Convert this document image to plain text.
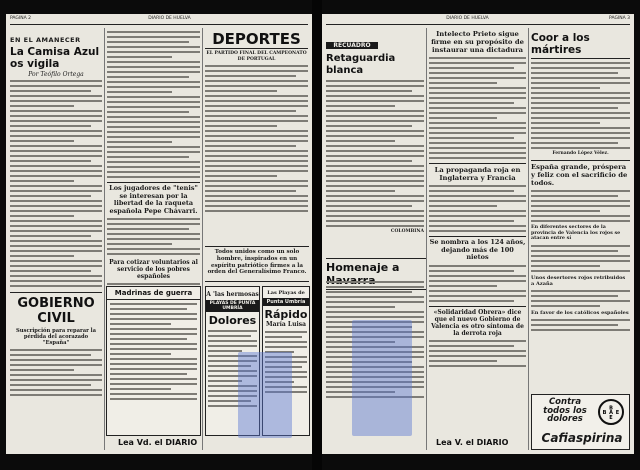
PAGINA 2	DIARIO DE HUELVA
EN EL AMANECER
La Camisa Azul os vigila
Por Teófilo Ortega
GOBIERNO CIVIL
Suscripción para reparar la pérdida del acorazado "España"
Los jugadores de "tenis" se interesan por la libertad de la raqueta española Pepe Chávarri.
Para cotizar voluntarios al servicio de los pobres españoles
Madrinas de guerra
Lea Vd. el DIARIO
DEPORTES
EL PARTIDO FINAL DEL CAMPEONATO DE PORTUGAL
Todos unidos como un solo hombre, inspirados en un espíritu patriótico firmes a la orden del Generalísimo Franco.
A 'las hermosas
PLAYAS DE PUNTA UMBRÍA
Dolores
Las Playas de
Punta Umbría
Rápido
María Luisa
DIARIO DE HUELVA	PAGINA 3
RECUADRO
Retaguardia blanca
COLOMBINA
Homenaje a
Intelecto Prieto sigue firme en su propósito de instaurar una dictadura
La propaganda roja en Inglaterra y Francia
Se nombra a los 124 años, dejando más de 100 nietos
«Solidaridad Obrera» dice que el nuevo Gobierno de Valencia es otro síntoma de la derrota roja
Lea V. el DIARIO
Coor a los mártires
Fernando López Vélez.
España grande, próspera y feliz con el sacrificio de todos.
En diferentes sectores de la provincia de Valencia los rojos se atacan entre sí
Unos desertores rojos retribuidos a Azaña
En favor de los católicos españoles
Contra todos los dolores
B
B A E
E
Cafiaspirina
